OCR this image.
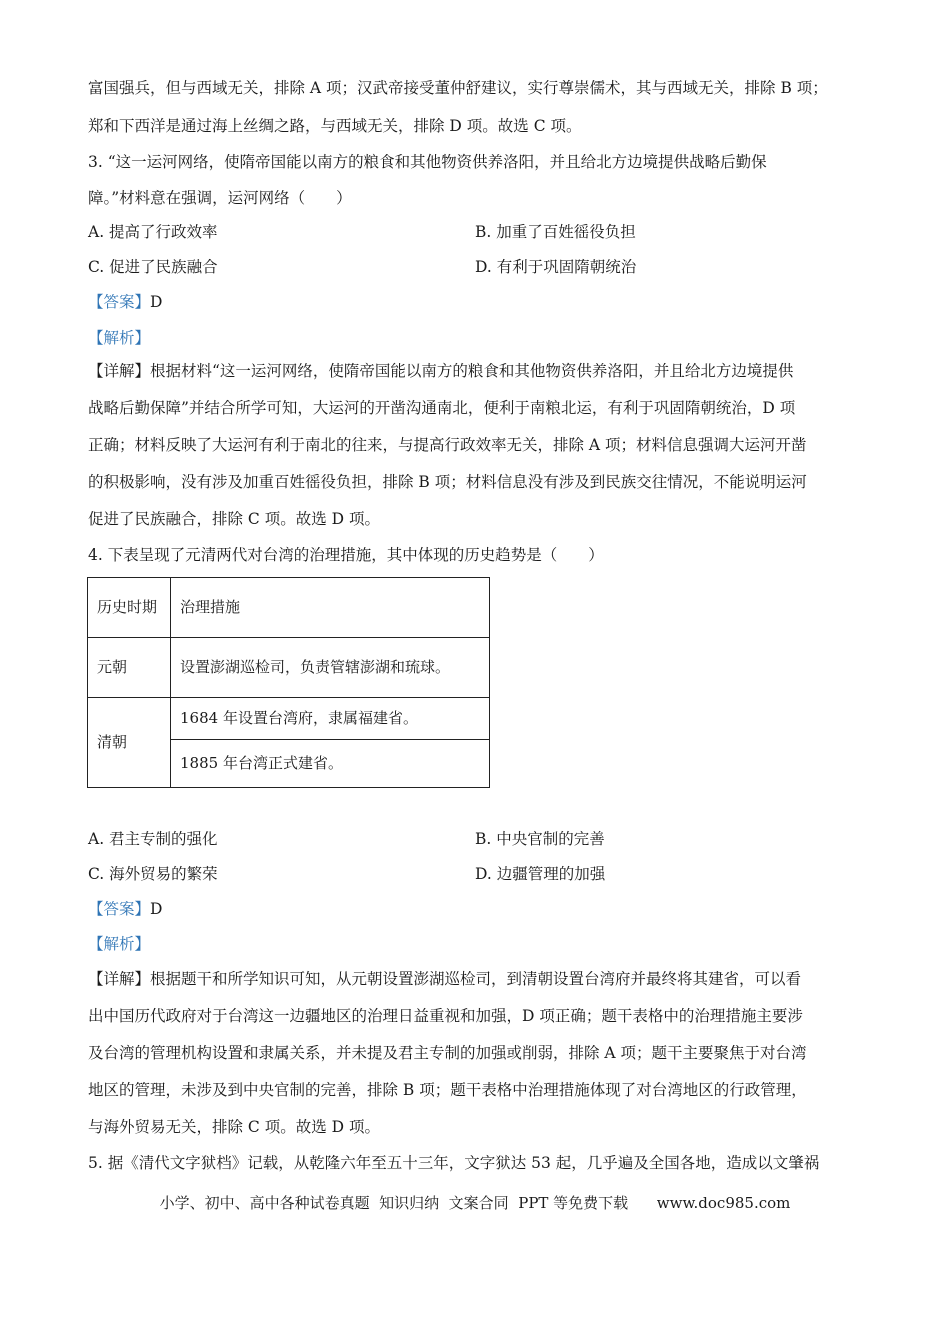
富国强兵，但与西域无关，排除 A 项；汉武帝接受董仲舒建议，实行尊崇儒术，其与西域无关，排除 B 项；
郑和下西洋是通过海上丝绸之路，与西域无关，排除 D 项。故选 C 项。
3. “这一运河网络，使隋帝国能以南方的粮食和其他物资供养洛阳，并且给北方边境提供战略后勤保
障。”材料意在强调，运河网络（　　）
A. 提高了行政效率	B. 加重了百姓徭役负担
C. 促进了民族融合	D. 有利于巩固隋朝统治
【答案】D
【解析】
【详解】根据材料“这一运河网络，使隋帝国能以南方的粮食和其他物资供养洛阳，并且给北方边境提供
战略后勤保障”并结合所学可知，大运河的开凿沟通南北，便利于南粮北运，有利于巩固隋朝统治，D 项
正确；材料反映了大运河有利于南北的往来，与提高行政效率无关，排除 A 项；材料信息强调大运河开凿
的积极影响，没有涉及加重百姓徭役负担，排除 B 项；材料信息没有涉及到民族交往情况，不能说明运河
促进了民族融合，排除 C 项。故选 D 项。
4. 下表呈现了元清两代对台湾的治理措施，其中体现的历史趋势是（　　）
历史时期	治理措施
元朝	设置澎湖巡检司，负责管辖澎湖和琉球。
清朝	1684 年设置台湾府，隶属福建省。
	1885 年台湾正式建省。
A. 君主专制的强化	B. 中央官制的完善
C. 海外贸易的繁荣	D. 边疆管理的加强
【答案】D
【解析】
【详解】根据题干和所学知识可知，从元朝设置澎湖巡检司，到清朝设置台湾府并最终将其建省，可以看
出中国历代政府对于台湾这一边疆地区的治理日益重视和加强，D 项正确；题干表格中的治理措施主要涉
及台湾的管理机构设置和隶属关系，并未提及君主专制的加强或削弱，排除 A 项；题干主要聚焦于对台湾
地区的管理，未涉及到中央官制的完善，排除 B 项；题干表格中治理措施体现了对台湾地区的行政管理，
与海外贸易无关，排除 C 项。故选 D 项。
5. 据《清代文字狱档》记载，从乾隆六年至五十三年，文字狱达 53 起，几乎遍及全国各地，造成以文肇祸
小学、初中、高中各种试卷真题  知识归纳  文案合同  PPT 等免费下载 www.doc985.com
